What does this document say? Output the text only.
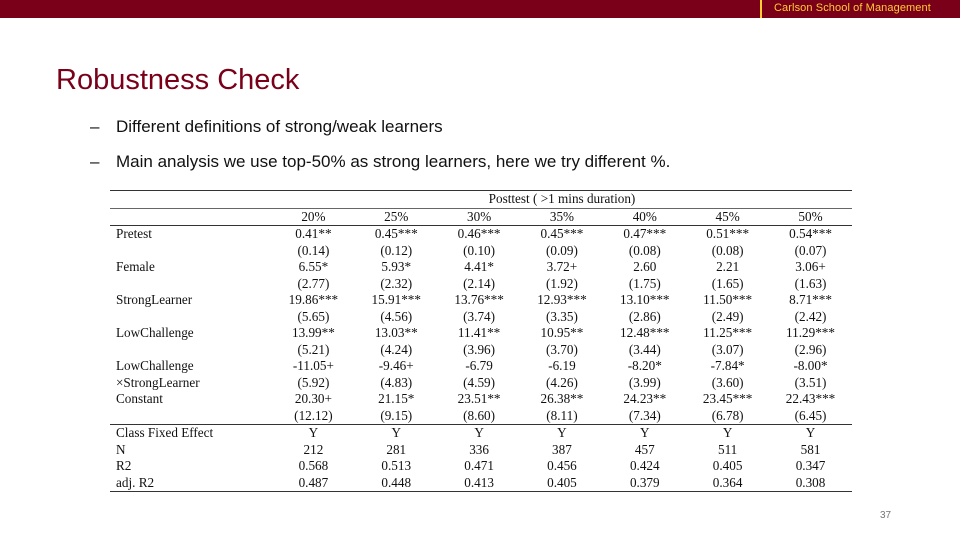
Carlson School of Management
Robustness Check
– Different definitions of strong/weak learners
– Main analysis we use top-50% as strong learners, here we try different %.
	Posttest ( >1 mins duration)						
	20%	25%	30%	35%	40%	45%	50%
Pretest	0.41**	0.45***	0.46***	0.45***	0.47***	0.51***	0.54***
	(0.14)	(0.12)	(0.10)	(0.09)	(0.08)	(0.08)	(0.07)
Female	6.55*	5.93*	4.41*	3.72+	2.60	2.21	3.06+
	(2.77)	(2.32)	(2.14)	(1.92)	(1.75)	(1.65)	(1.63)
StrongLearner	19.86***	15.91***	13.76***	12.93***	13.10***	11.50***	8.71***
	(5.65)	(4.56)	(3.74)	(3.35)	(2.86)	(2.49)	(2.42)
LowChallenge	13.99**	13.03**	11.41**	10.95**	12.48***	11.25***	11.29***
	(5.21)	(4.24)	(3.96)	(3.70)	(3.44)	(3.07)	(2.96)
LowChallenge	-11.05+	-9.46+	-6.79	-6.19	-8.20*	-7.84*	-8.00*
×StrongLearner	(5.92)	(4.83)	(4.59)	(4.26)	(3.99)	(3.60)	(3.51)
Constant	20.30+	21.15*	23.51**	26.38**	24.23**	23.45***	22.43***
	(12.12)	(9.15)	(8.60)	(8.11)	(7.34)	(6.78)	(6.45)
Class Fixed Effect	Y	Y	Y	Y	Y	Y	Y
N	212	281	336	387	457	511	581
R2	0.568	0.513	0.471	0.456	0.424	0.405	0.347
adj. R2	0.487	0.448	0.413	0.405	0.379	0.364	0.308
37
